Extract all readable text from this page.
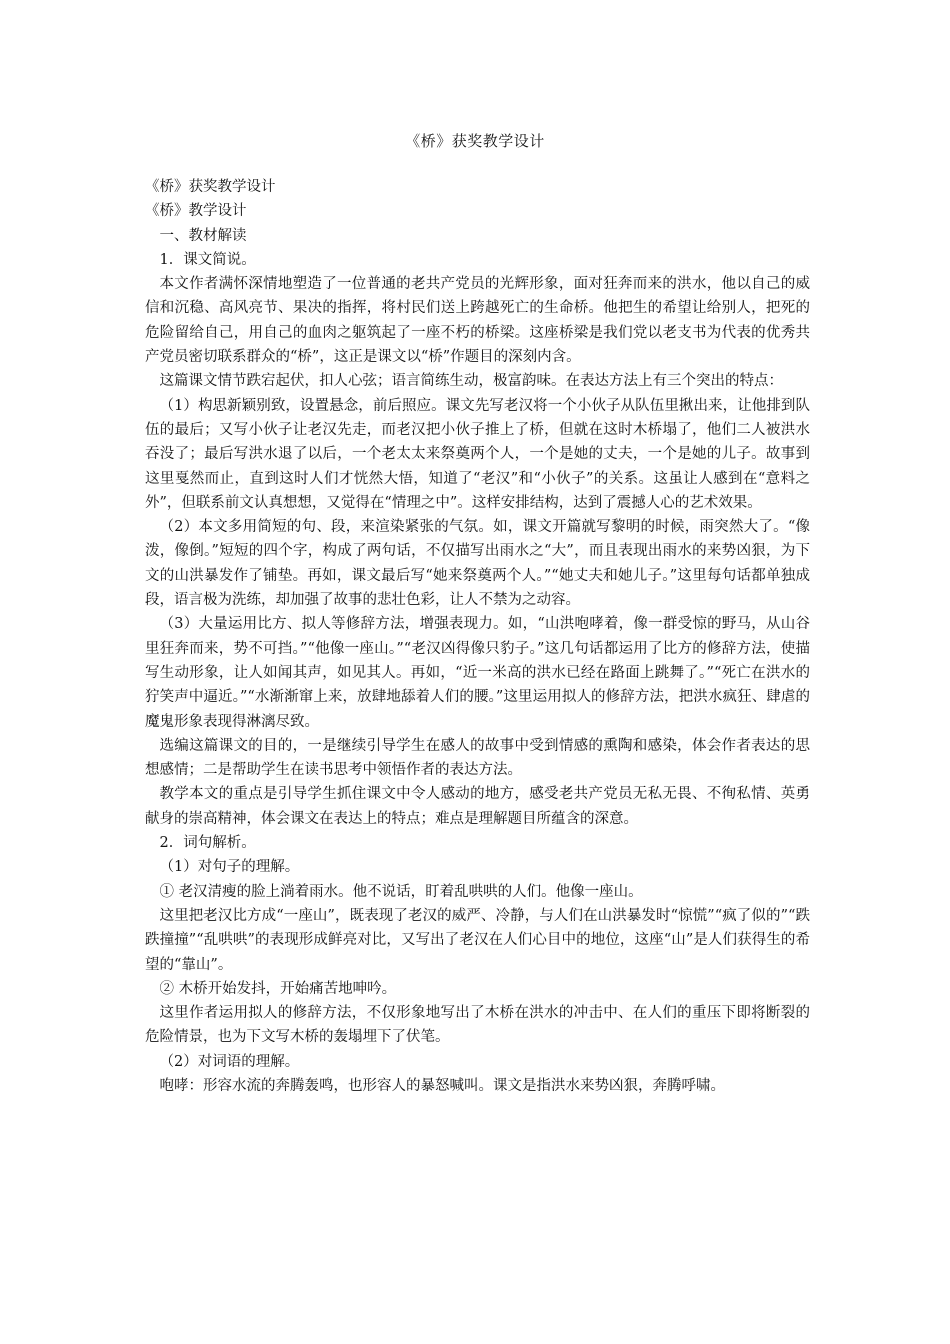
《桥》获奖教学设计

《桥》获奖教学设计

《桥》教学设计

一、教材解读

1．课文简说。

本文作者满怀深情地塑造了一位普通的老共产党员的光辉形象，面对狂奔而来的洪水，他以自己的威信和沉稳、高风亮节、果决的指挥，将村民们送上跨越死亡的生命桥。他把生的希望让给别人，把死的危险留给自己，用自己的血肉之躯筑起了一座不朽的桥梁。这座桥梁是我们党以老支书为代表的优秀共产党员密切联系群众的“桥”，这正是课文以“桥”作题目的深刻内含。

这篇课文情节跌宕起伏，扣人心弦；语言简练生动，极富韵味。在表达方法上有三个突出的特点：

（1）构思新颖别致，设置悬念，前后照应。课文先写老汉将一个小伙子从队伍里揪出来，让他排到队伍的最后；又写小伙子让老汉先走，而老汉把小伙子推上了桥，但就在这时木桥塌了，他们二人被洪水吞没了；最后写洪水退了以后，一个老太太来祭奠两个人，一个是她的丈夫，一个是她的儿子。故事到这里戛然而止，直到这时人们才恍然大悟，知道了“老汉”和“小伙子”的关系。这虽让人感到在“意料之外”，但联系前文认真想想，又觉得在“情理之中”。这样安排结构，达到了震撼人心的艺术效果。

（2）本文多用简短的句、段，来渲染紧张的气氛。如，课文开篇就写黎明的时候，雨突然大了。“像泼，像倒。”短短的四个字，构成了两句话，不仅描写出雨水之“大”，而且表现出雨水的来势凶狠，为下文的山洪暴发作了铺垫。再如，课文最后写“她来祭奠两个人。”“她丈夫和她儿子。”这里每句话都单独成段，语言极为洗练，却加强了故事的悲壮色彩，让人不禁为之动容。

（3）大量运用比方、拟人等修辞方法，增强表现力。如，“山洪咆哮着，像一群受惊的野马，从山谷里狂奔而来，势不可挡。”“他像一座山。”“老汉凶得像只豹子。”这几句话都运用了比方的修辞方法，使描写生动形象，让人如闻其声，如见其人。再如，“近一米高的洪水已经在路面上跳舞了。”“死亡在洪水的狞笑声中逼近。”“水渐渐窜上来，放肆地舔着人们的腰。”这里运用拟人的修辞方法，把洪水疯狂、肆虐的魔鬼形象表现得淋漓尽致。

选编这篇课文的目的，一是继续引导学生在感人的故事中受到情感的熏陶和感染，体会作者表达的思想感情；二是帮助学生在读书思考中领悟作者的表达方法。

教学本文的重点是引导学生抓住课文中令人感动的地方，感受老共产党员无私无畏、不徇私情、英勇献身的崇高精神，体会课文在表达上的特点；难点是理解题目所蕴含的深意。

2．词句解析。

（1）对句子的理解。

① 老汉清瘦的脸上淌着雨水。他不说话，盯着乱哄哄的人们。他像一座山。

这里把老汉比方成“一座山”，既表现了老汉的威严、冷静，与人们在山洪暴发时“惊慌”“疯了似的”“跌跌撞撞”“乱哄哄”的表现形成鲜亮对比，又写出了老汉在人们心目中的地位，这座“山”是人们获得生的希望的“靠山”。

② 木桥开始发抖，开始痛苦地呻吟。

这里作者运用拟人的修辞方法，不仅形象地写出了木桥在洪水的冲击中、在人们的重压下即将断裂的危险情景，也为下文写木桥的轰塌埋下了伏笔。

（2）对词语的理解。

咆哮：形容水流的奔腾轰鸣，也形容人的暴怒喊叫。课文是指洪水来势凶狠，奔腾呼啸。
